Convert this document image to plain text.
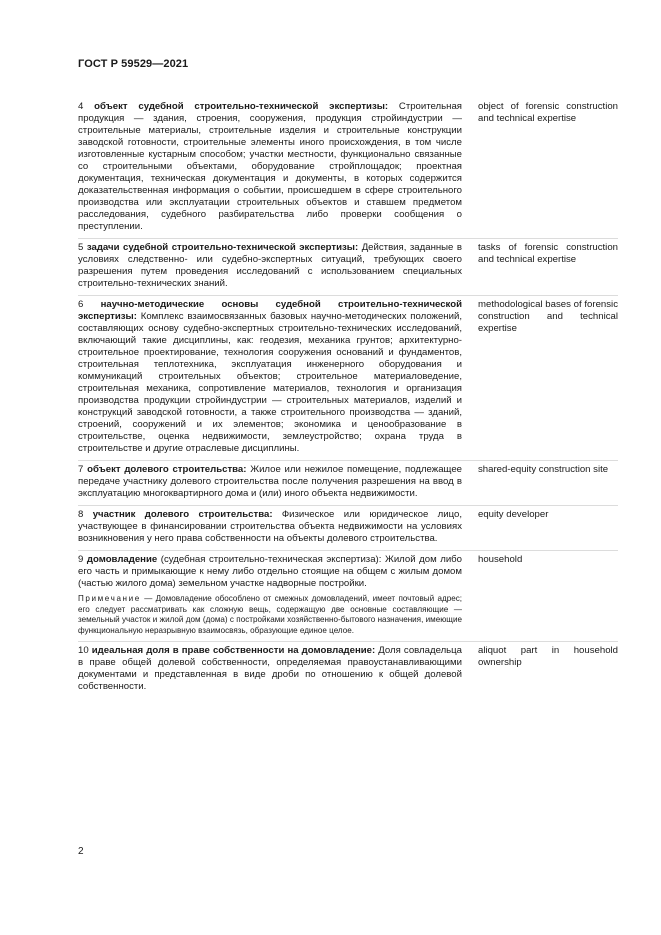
ГОСТ Р 59529—2021
4 объект судебной строительно-технической экспертизы: Строительная продукция — здания, строения, сооружения, продукция стройиндустрии — строительные материалы, строительные изделия и строительные конструкции заводской готовности, строительные элементы иного происхождения, в том числе изготовленные кустарным способом; участки местности, функционально связанные со строительными объектами, оборудование стройплощадок; проектная документация, техническая документация и документы, в которых содержится доказательственная информация о событии, происшедшем в сфере строительного производства или эксплуатации строительных объектов и ставшем предметом расследования, судебного разбирательства либо проверки сообщения о преступлении.
object of forensic construction and technical expertise
5 задачи судебной строительно-технической экспертизы: Действия, заданные в условиях следственно- или судебно-экспертных ситуаций, требующих своего разрешения путем проведения исследований с использованием специальных строительно-технических знаний.
tasks of forensic construction and technical expertise
6 научно-методические основы судебной строительно-технической экспертизы: Комплекс взаимосвязанных базовых научно-методических положений, составляющих основу судебно-экспертных строительно-технических исследований, включающий такие дисциплины, как: геодезия, механика грунтов; архитектурно-строительное проектирование, технология сооружения оснований и фундаментов, строительная теплотехника, эксплуатация инженерного оборудования и коммуникаций строительных объектов; строительное материаловедение, строительная механика, сопротивление материалов, технология и организация производства продукции стройиндустрии — строительных материалов, изделий и конструкций заводской готовности, а также строительного производства — зданий, строений, сооружений и их элементов; экономика и ценообразование в строительстве, оценка недвижимости, землеустройство; охрана труда в строительстве и другие отраслевые дисциплины.
methodological bases of forensic construction and technical expertise
7 объект долевого строительства: Жилое или нежилое помещение, подлежащее передаче участнику долевого строительства после получения разрешения на ввод в эксплуатацию многоквартирного дома и (или) иного объекта недвижимости.
shared-equity construction site
8 участник долевого строительства: Физическое или юридическое лицо, участвующее в финансировании строительства объекта недвижимости на условиях возникновения у него права собственности на объекты долевого строительства.
equity developer
9 домовладение (судебная строительно-техническая экспертиза): Жилой дом либо его часть и примыкающие к нему либо отдельно стоящие на общем с жилым домом (частью жилого дома) земельном участке надворные постройки.
Примечание — Домовладение обособлено от смежных домовладений, имеет почтовый адрес; его следует рассматривать как сложную вещь, содержащую две основные составляющие — земельный участок и жилой дом (дома) с постройками хозяйственно-бытового назначения, имеющие функциональную неразрывную взаимосвязь, образующие единое целое.
household
10 идеальная доля в праве собственности на домовладение: Доля совладельца в праве общей долевой собственности, определяемая правоустанавливающими документами и представленная в виде дроби по отношению к общей долевой собственности.
aliquot part in household ownership
2
